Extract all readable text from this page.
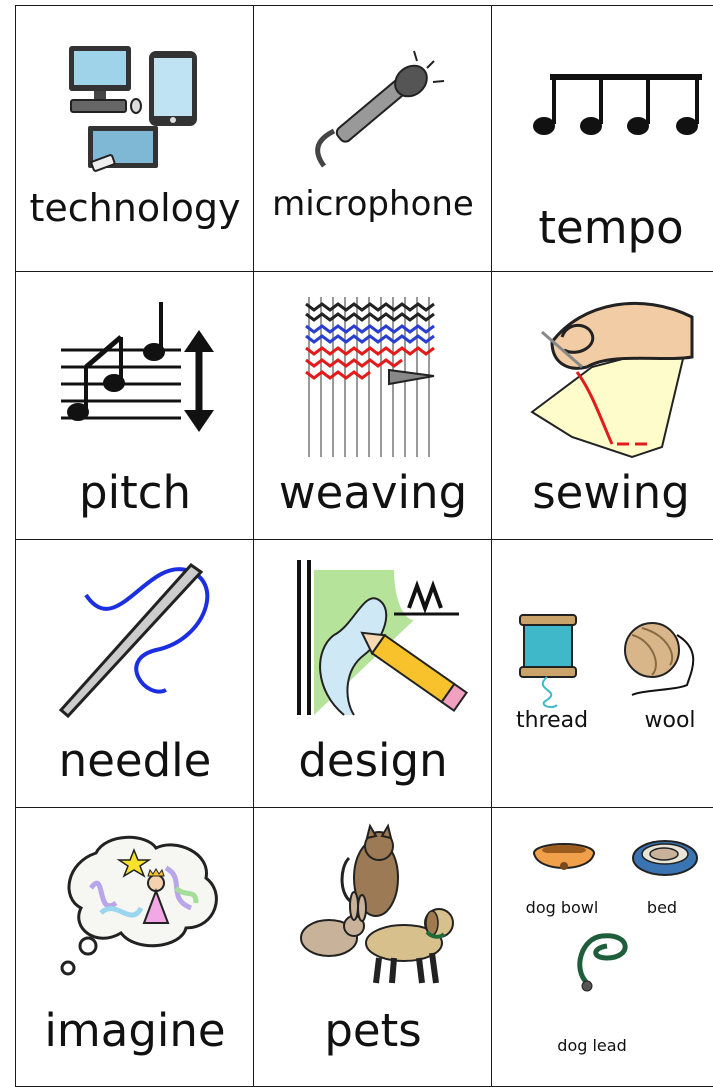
technology microphone	tempo
pitch	weaving	sewing
needle	design
thread	wool
imagine	pets
dog bowl	bed
dog lead
